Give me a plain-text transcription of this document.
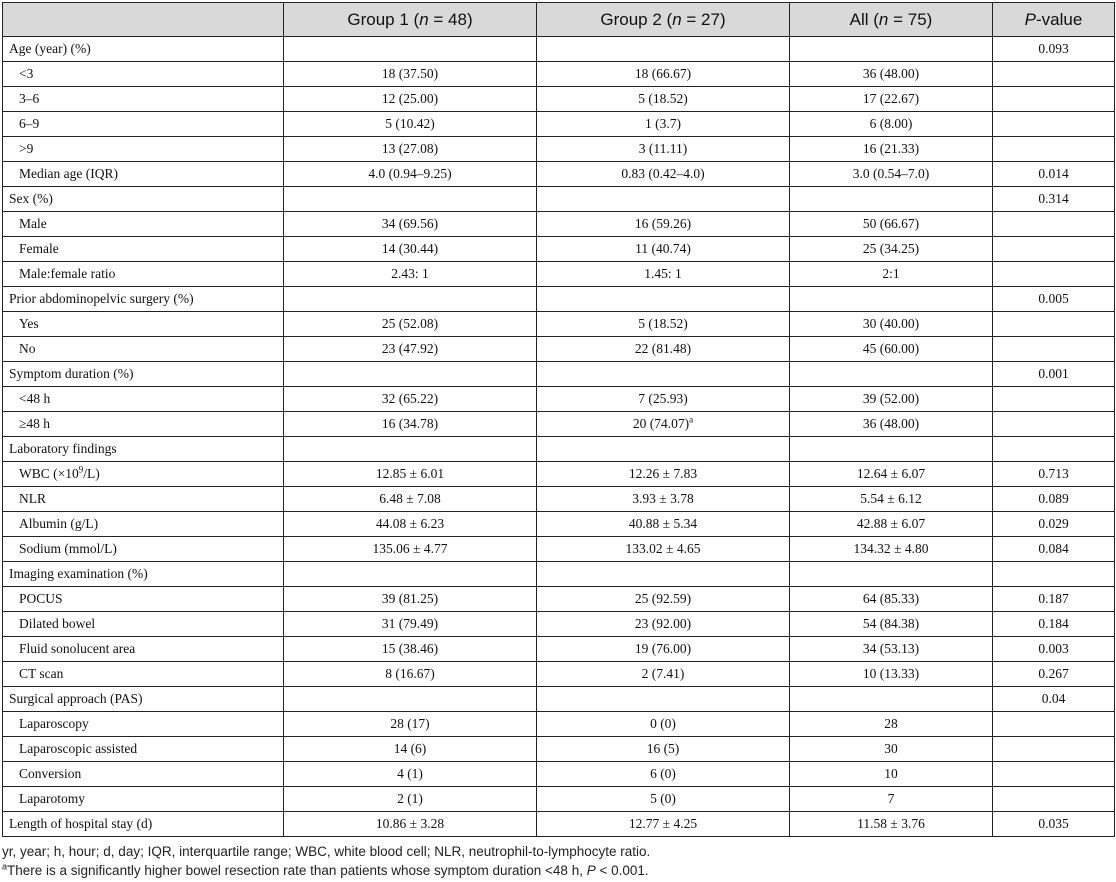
	Group 1 (n = 48)	Group 2 (n = 27)	All (n = 75)	P-value
Age (year) (%)				0.093
<3	18 (37.50)	18 (66.67)	36 (48.00)	
3–6	12 (25.00)	5 (18.52)	17 (22.67)	
6–9	5 (10.42)	1 (3.7)	6 (8.00)	
>9	13 (27.08)	3 (11.11)	16 (21.33)	
Median age (IQR)	4.0 (0.94–9.25)	0.83 (0.42–4.0)	3.0 (0.54–7.0)	0.014
Sex (%)				0.314
Male	34 (69.56)	16 (59.26)	50 (66.67)	
Female	14 (30.44)	11 (40.74)	25 (34.25)	
Male:female ratio	2.43: 1	1.45: 1	2:1	
Prior abdominopelvic surgery (%)				0.005
Yes	25 (52.08)	5 (18.52)	30 (40.00)	
No	23 (47.92)	22 (81.48)	45 (60.00)	
Symptom duration (%)				0.001
<48 h	32 (65.22)	7 (25.93)	39 (52.00)	
≥48 h	16 (34.78)	20 $(74.07)^a$	36 (48.00)	
Laboratory findings				
WBC $(\times 10^9/L)$	12.85 ± 6.01	12.26 ± 7.83	12.64 ± 6.07	0.713
NLR	6.48 ± 7.08	3.93 ± 3.78	5.54 ± 6.12	0.089
Albumin (g/L)	44.08 ± 6.23	40.88 ± 5.34	42.88 ± 6.07	0.029
Sodium (mmol/L)	135.06 ± 4.77	133.02 ± 4.65	134.32 ± 4.80	0.084
Imaging examination (%)				
POCUS	39 (81.25)	25 (92.59)	64 (85.33)	0.187
Dilated bowel	31 (79.49)	23 (92.00)	54 (84.38)	0.184
Fluid sonolucent area	15 (38.46)	19 (76.00)	34 (53.13)	0.003
CT scan	8 (16.67)	2 (7.41)	10 (13.33)	0.267
Surgical approach (PAS)				0.04
Laparoscopy	28 (17)	0 (0)	28	
Laparoscopic assisted	14 (6)	16 (5)	30	
Conversion	4 (1)	6 (0)	10	
Laparotomy	2 (1)	5 (0)	7	
Length of hospital stay (d)	10.86 ± 3.28	12.77 ± 4.25	11.58 ± 3.76	0.035
yr, year; h, hour; d, day; IQR, interquartile range; WBC, white blood cell; NLR, neutrophil-to-lymphocyte ratio.
$^a$There is a significantly higher bowel resection rate than patients whose symptom duration <48 h, P < 0.001.
